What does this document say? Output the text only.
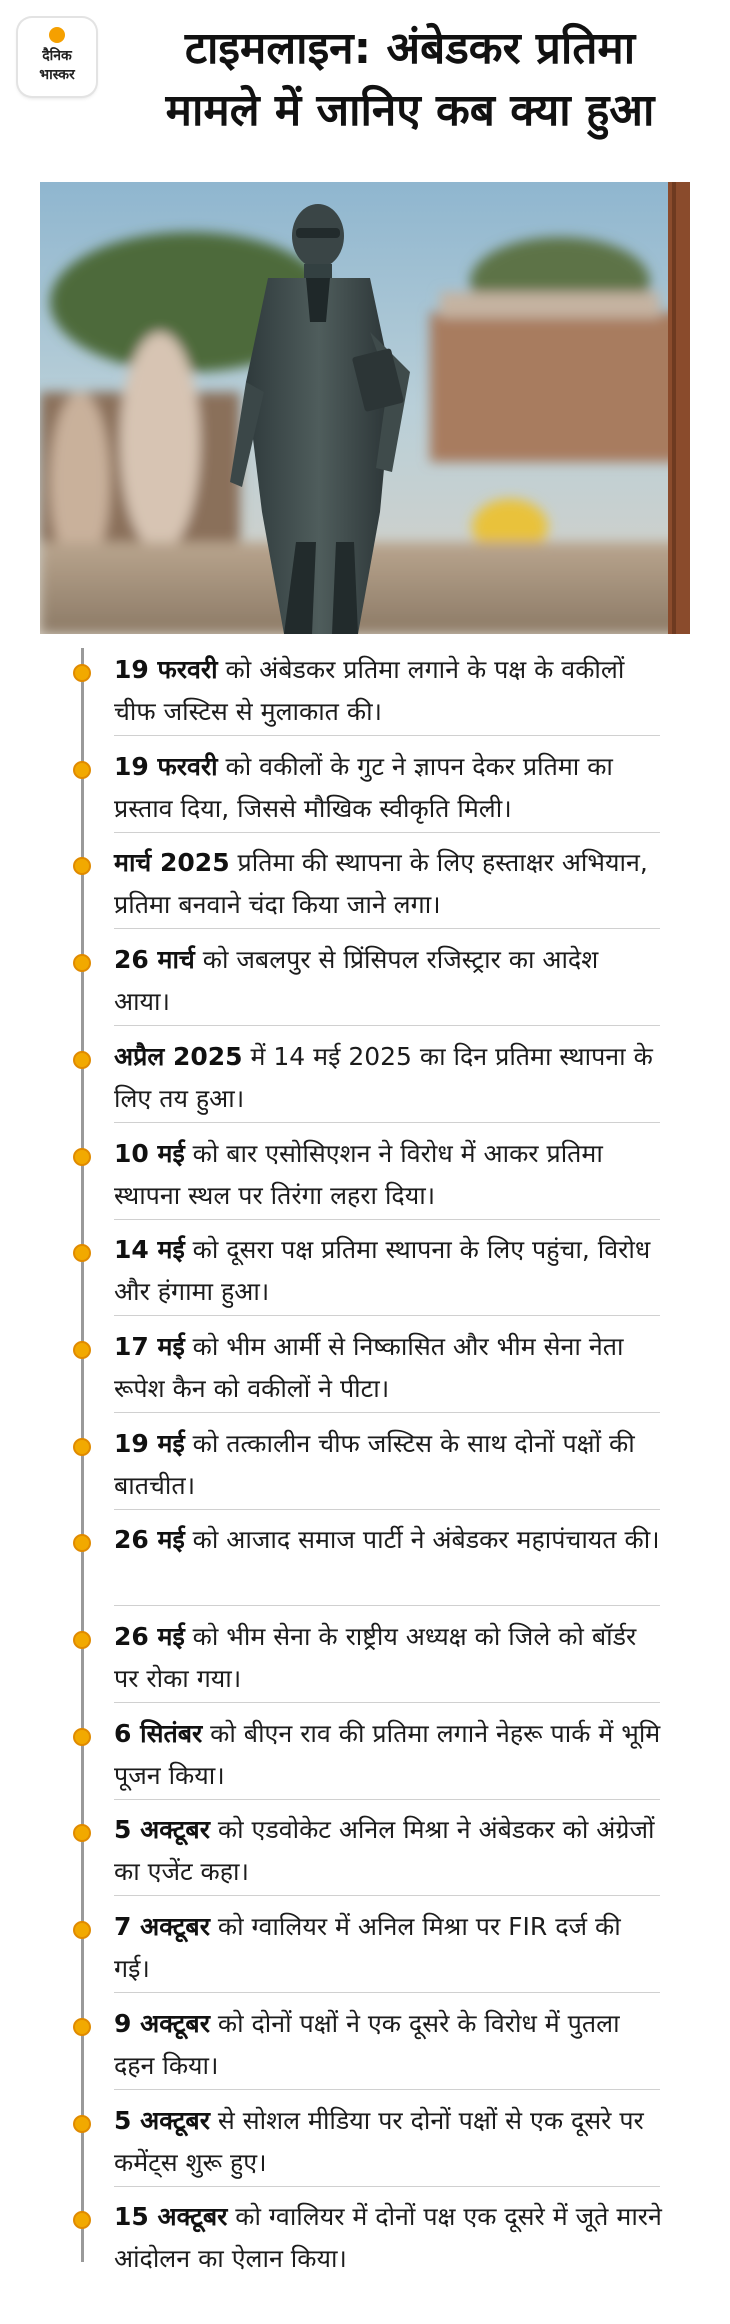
दैनिक
भास्कर
टाइमलाइन: अंबेडकर प्रतिमा
मामले में जानिए कब क्या हुआ
19 फरवरी को अंबेडकर प्रतिमा लगाने के पक्ष के वकीलों चीफ जस्टिस से मुलाकात की।
19 फरवरी को वकीलों के गुट ने ज्ञापन देकर प्रतिमा का प्रस्ताव दिया, जिससे मौखिक स्वीकृति मिली।
मार्च 2025 प्रतिमा की स्थापना के लिए हस्ताक्षर अभियान, प्रतिमा बनवाने चंदा किया जाने लगा।
26 मार्च को जबलपुर से प्रिंसिपल रजिस्ट्रार का आदेश आया।
अप्रैल 2025 में 14 मई 2025 का दिन प्रतिमा स्थापना के लिए तय हुआ।
10 मई को बार एसोसिएशन ने विरोध में आकर प्रतिमा स्थापना स्थल पर तिरंगा लहरा दिया।
14 मई को दूसरा पक्ष प्रतिमा स्थापना के लिए पहुंचा, विरोध और हंगामा हुआ।
17 मई को भीम आर्मी से निष्कासित और भीम सेना नेता रूपेश कैन को वकीलों ने पीटा।
19 मई को तत्कालीन चीफ जस्टिस के साथ दोनों पक्षों की बातचीत।
26 मई को आजाद समाज पार्टी ने अंबेडकर महापंचायत की।
26 मई को भीम सेना के राष्ट्रीय अध्यक्ष को जिले को बॉर्डर पर रोका गया।
6 सितंबर को बीएन राव की प्रतिमा लगाने नेहरू पार्क में भूमि पूजन किया।
5 अक्टूबर को एडवोकेट अनिल मिश्रा ने अंबेडकर को अंग्रेजों का एजेंट कहा।
7 अक्टूबर को ग्वालियर में अनिल मिश्रा पर FIR दर्ज की गई।
9 अक्टूबर को दोनों पक्षों ने एक दूसरे के विरोध में पुतला दहन किया।
5 अक्टूबर से सोशल मीडिया पर दोनों पक्षों से एक दूसरे पर कमेंट्स शुरू हुए।
15 अक्टूबर को ग्वालियर में दोनों पक्ष एक दूसरे में जूते मारने आंदोलन का ऐलान किया।
